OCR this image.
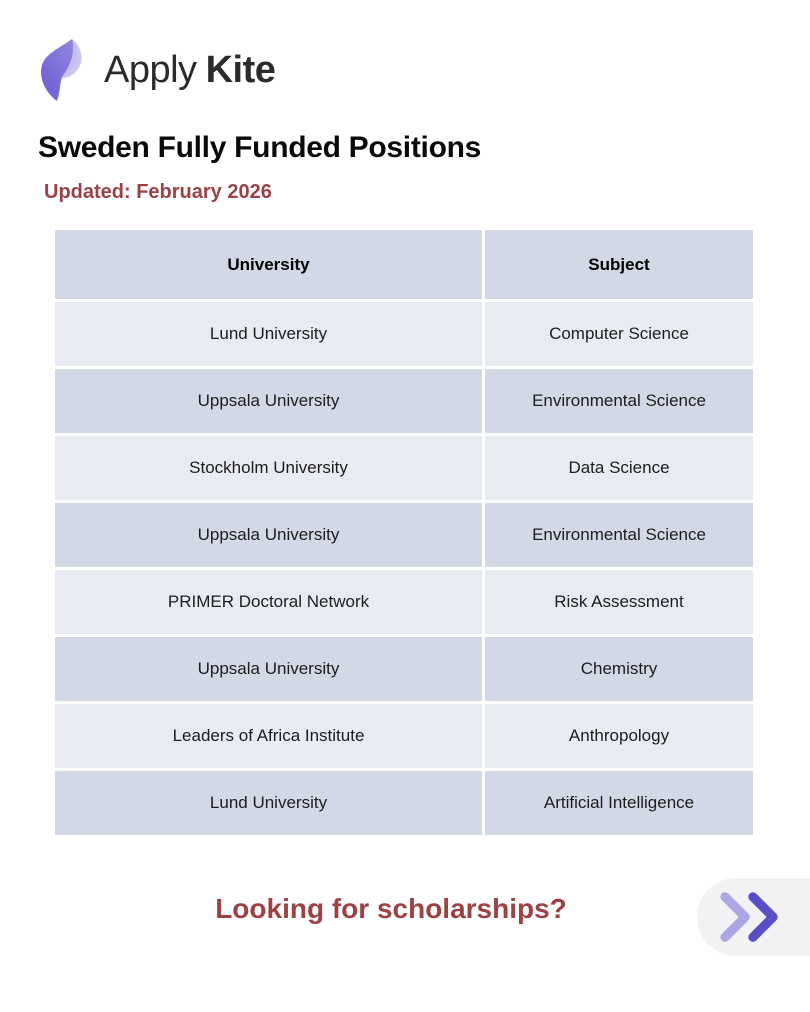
Apply Kite
Sweden Fully Funded Positions
Updated: February 2026
University	Subject
Lund University	Computer Science
Uppsala University	Environmental Science
Stockholm University	Data Science
Uppsala University	Environmental Science
PRIMER Doctoral Network	Risk Assessment
Uppsala University	Chemistry
Leaders of Africa Institute	Anthropology
Lund University	Artificial Intelligence
Looking for scholarships?
